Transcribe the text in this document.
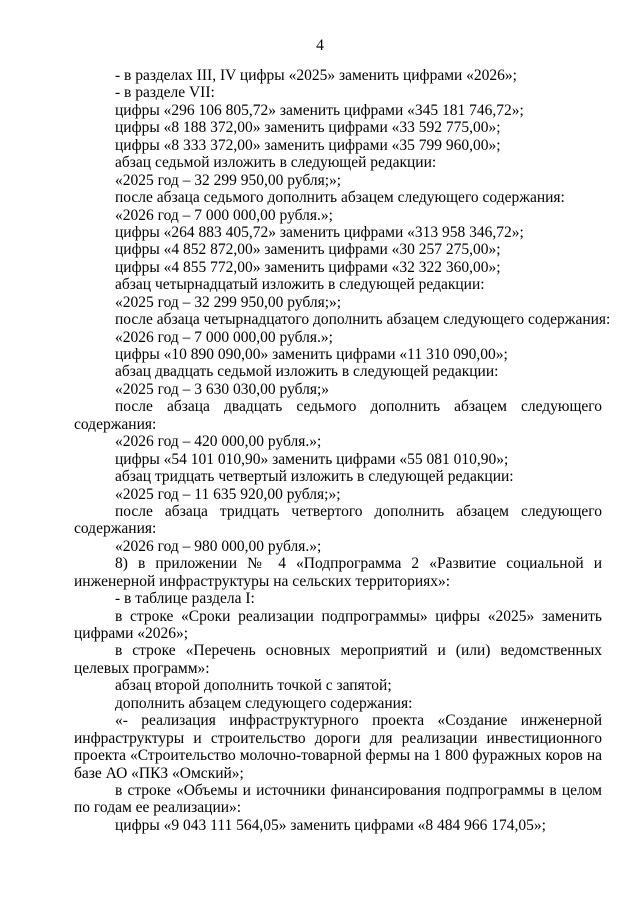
4
- в разделах III, IV цифры «2025» заменить цифрами «2026»;
- в разделе VII:
цифры «296 106 805,72» заменить цифрами «345 181 746,72»;
цифры «8 188 372,00» заменить цифрами «33 592 775,00»;
цифры «8 333 372,00» заменить цифрами «35 799 960,00»;
абзац седьмой изложить в следующей редакции:
«2025 год – 32 299 950,00 рубля;»;
после абзаца седьмого дополнить абзацем следующего содержания:
«2026 год – 7 000 000,00 рубля.»;
цифры «264 883 405,72» заменить цифрами «313 958 346,72»;
цифры «4 852 872,00» заменить цифрами «30 257 275,00»;
цифры «4 855 772,00» заменить цифрами «32 322 360,00»;
абзац четырнадцатый изложить в следующей редакции:
«2025 год – 32 299 950,00 рубля;»;
после абзаца четырнадцатого дополнить абзацем следующего содержания:
«2026 год – 7 000 000,00 рубля.»;
цифры «10 890 090,00» заменить цифрами «11 310 090,00»;
абзац двадцать седьмой изложить в следующей редакции:
«2025 год – 3 630 030,00 рубля;»
после абзаца двадцать седьмого дополнить абзацем следующего
содержания:
«2026 год – 420 000,00 рубля.»;
цифры «54 101 010,90» заменить цифрами «55 081 010,90»;
абзац тридцать четвертый изложить в следующей редакции:
«2025 год – 11 635 920,00 рубля;»;
после абзаца тридцать четвертого дополнить абзацем следующего
содержания:
«2026 год – 980 000,00 рубля.»;
8) в приложении № 4 «Подпрограмма 2 «Развитие социальной и
инженерной инфраструктуры на сельских территориях»:
- в таблице раздела I:
в строке «Сроки реализации подпрограммы» цифры «2025» заменить
цифрами «2026»;
в строке «Перечень основных мероприятий и (или) ведомственных
целевых программ»:
абзац второй дополнить точкой с запятой;
дополнить абзацем следующего содержания:
«- реализация инфраструктурного проекта «Создание инженерной
инфраструктуры и строительство дороги для реализации инвестиционного
проекта «Строительство молочно-товарной фермы на 1 800 фуражных коров на
базе АО «ПКЗ «Омский»;
в строке «Объемы и источники финансирования подпрограммы в целом
по годам ее реализации»:
цифры «9 043 111 564,05» заменить цифрами «8 484 966 174,05»;
